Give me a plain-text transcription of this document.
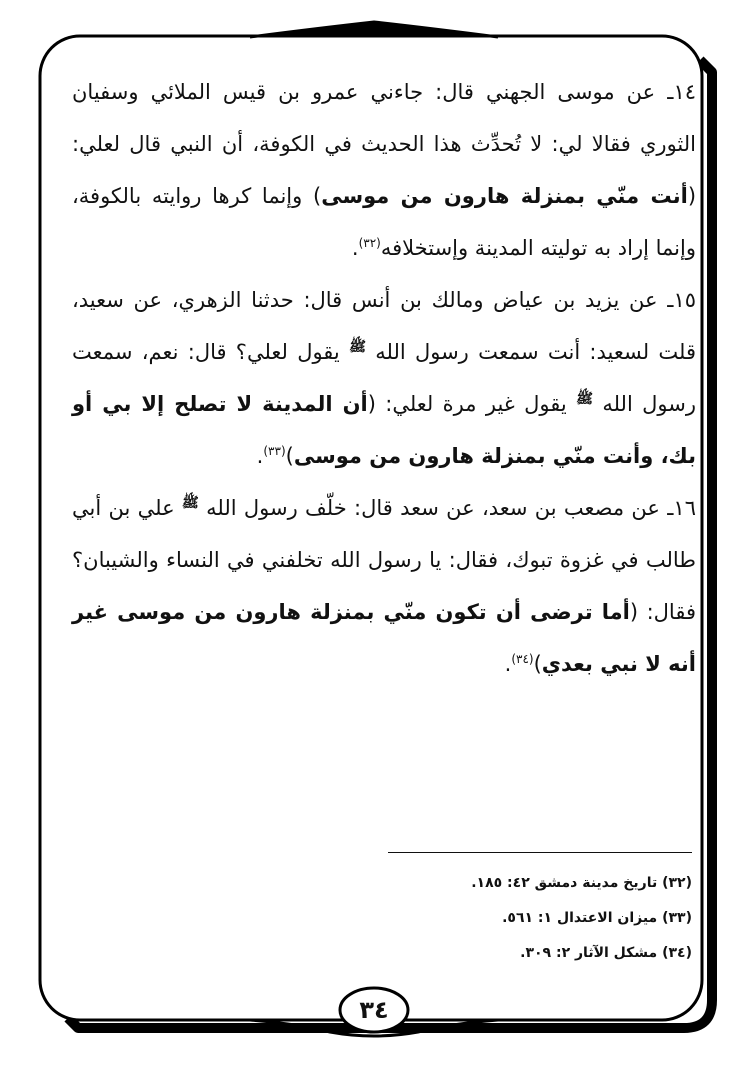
١٤ـ عن موسى الجهني قال: جاءني عمرو بن قيس الملائي وسفيان الثوري فقالا لي: لا تُحدِّث هذا الحديث في الكوفة، أن النبي قال لعلي: (أنت منّي بمنزلة هارون من موسى) وإنما كرها روايته بالكوفة، وإنما إراد به توليته المدينة وإستخلافه$^{(٣٢)}$.

١٥ـ عن يزيد بن عياض ومالك بن أنس قال: حدثنا الزهري، عن سعيد، قلت لسعيد: أنت سمعت رسول الله $^ﷺ$ يقول لعلي؟ قال: نعم، سمعت رسول الله $^ﷺ$ يقول غير مرة لعلي: (أن المدينة لا تصلح إلا بي أو بك، وأنت منّي بمنزلة هارون من موسى)$^{(٣٣)}$.

١٦ـ عن مصعب بن سعد، عن سعد قال: خلّف رسول الله $^ﷺ$ علي بن أبي طالب في غزوة تبوك، فقال: يا رسول الله تخلفني في النساء والشيبان؟ فقال: (أما ترضى أن تكون منّي بمنزلة هارون من موسى غير أنه لا نبي بعدي)$^{(٣٤)}$.

(٣٢) تاريخ مدينة دمشق ٤٢: ١٨٥.

(٣٣) ميزان الاعتدال ١: ٥٦١.

(٣٤) مشكل الآثار ٢: ٣٠٩.

٣٤
